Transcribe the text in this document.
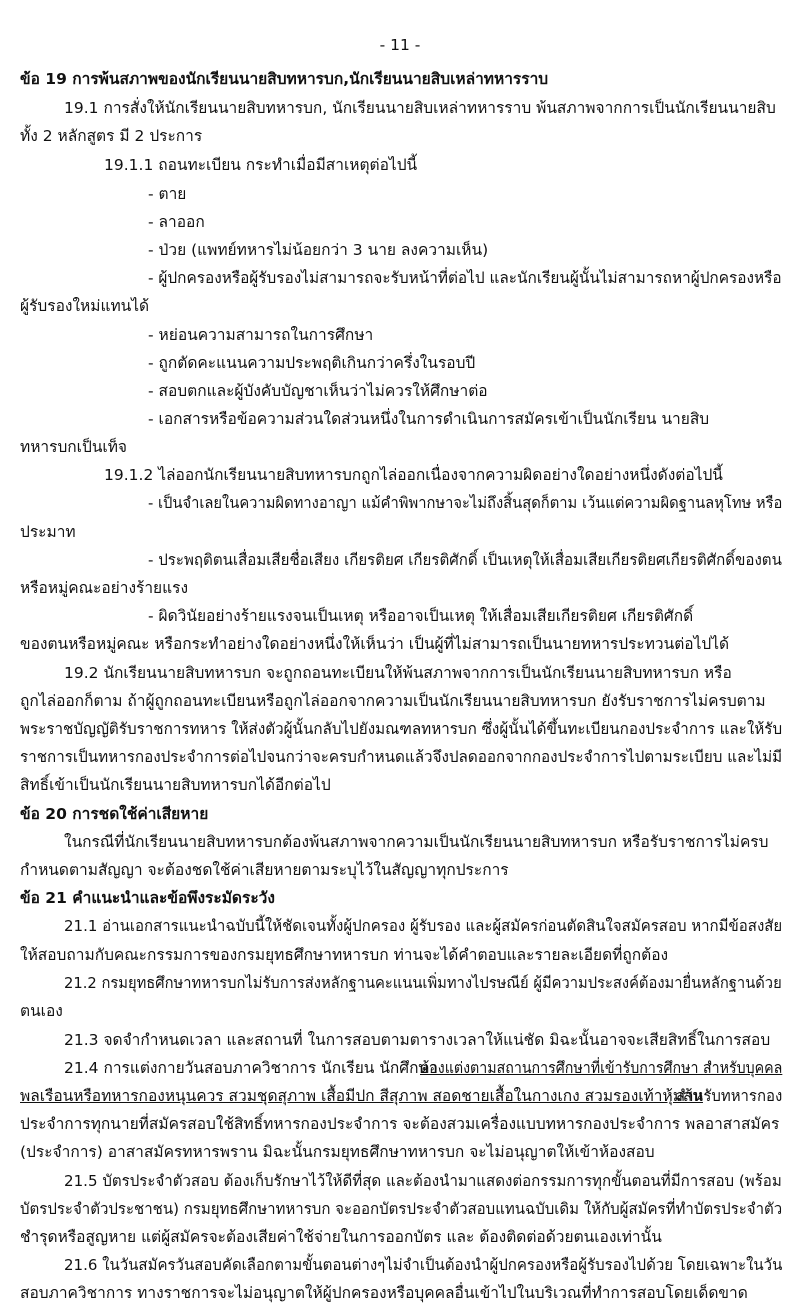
- 11 -
ข้อ 19 การพ้นสภาพของนักเรียนนายสิบทหารบก,นักเรียนนายสิบเหล่าทหารราบ
19.1 การสั่งให้นักเรียนนายสิบทหารบก, นักเรียนนายสิบเหล่าทหารราบ พ้นสภาพจากการเป็นนักเรียนนายสิบ
ทั้ง 2 หลักสูตร มี 2 ประการ
19.1.1 ถอนทะเบียน กระทำเมื่อมีสาเหตุต่อไปนี้
- ตาย
- ลาออก
- ป่วย (แพทย์ทหารไม่น้อยกว่า 3 นาย ลงความเห็น)
- ผู้ปกครองหรือผู้รับรองไม่สามารถจะรับหน้าที่ต่อไป และนักเรียนผู้นั้นไม่สามารถหาผู้ปกครองหรือ
ผู้รับรองใหม่แทนได้
- หย่อนความสามารถในการศึกษา
- ถูกตัดคะแนนความประพฤติเกินกว่าครึ่งในรอบปี
- สอบตกและผู้บังคับบัญชาเห็นว่าไม่ควรให้ศึกษาต่อ
- เอกสารหรือข้อความส่วนใดส่วนหนึ่งในการดำเนินการสมัครเข้าเป็นนักเรียน นายสิบ
ทหารบกเป็นเท็จ
19.1.2 ไล่ออกนักเรียนนายสิบทหารบกถูกไล่ออกเนื่องจากความผิดอย่างใดอย่างหนึ่งดังต่อไปนี้
- เป็นจำเลยในความผิดทางอาญา แม้คำพิพากษาจะไม่ถึงสิ้นสุดก็ตาม เว้นแต่ความผิดฐานลหุโทษ หรือ
ประมาท
- ประพฤติตนเสื่อมเสียชื่อเสียง เกียรติยศ เกียรติศักดิ์ เป็นเหตุให้เสื่อมเสียเกียรติยศเกียรติศักดิ์ของตน
หรือหมู่คณะอย่างร้ายแรง
- ผิดวินัยอย่างร้ายแรงจนเป็นเหตุ หรืออาจเป็นเหตุ ให้เสื่อมเสียเกียรติยศ เกียรติศักดิ์
ของตนหรือหมู่คณะ หรือกระทำอย่างใดอย่างหนึ่งให้เห็นว่า เป็นผู้ที่ไม่สามารถเป็นนายทหารประทวนต่อไปได้
19.2 นักเรียนนายสิบทหารบก จะถูกถอนทะเบียนให้พ้นสภาพจากการเป็นนักเรียนนายสิบทหารบก หรือ
ถูกไล่ออกก็ตาม ถ้าผู้ถูกถอนทะเบียนหรือถูกไล่ออกจากความเป็นนักเรียนนายสิบทหารบก ยังรับราชการไม่ครบตาม
พระราชบัญญัติรับราชการทหาร ให้ส่งตัวผู้นั้นกลับไปยังมณฑลทหารบก ซึ่งผู้นั้นได้ขึ้นทะเบียนกองประจำการ และให้รับ
ราชการเป็นทหารกองประจำการต่อไปจนกว่าจะครบกำหนดแล้วจึงปลดออกจากกองประจำการไปตามระเบียบ และไม่มี
สิทธิ์เข้าเป็นนักเรียนนายสิบทหารบกได้อีกต่อไป
ข้อ 20 การชดใช้ค่าเสียหาย
ในกรณีที่นักเรียนนายสิบทหารบกต้องพ้นสภาพจากความเป็นนักเรียนนายสิบทหารบก หรือรับราชการไม่ครบ
กำหนดตามสัญญา จะต้องชดใช้ค่าเสียหายตามระบุไว้ในสัญญาทุกประการ
ข้อ 21 คำแนะนำและข้อพึงระมัดระวัง
21.1 อ่านเอกสารแนะนำฉบับนี้ให้ชัดเจนทั้งผู้ปกครอง ผู้รับรอง และผู้สมัครก่อนตัดสินใจสมัครสอบ หากมีข้อสงสัย
ให้สอบถามกับคณะกรรมการของกรมยุทธศึกษาทหารบก ท่านจะได้คำตอบและรายละเอียดที่ถูกต้อง
21.2 กรมยุทธศึกษาทหารบกไม่รับการส่งหลักฐานคะแนนเพิ่มทางไปรษณีย์ ผู้มีความประสงค์ต้องมายื่นหลักฐานด้วย
ตนเอง
21.3 จดจำกำหนดเวลา และสถานที่ ในการสอบตามตารางเวลาให้แน่ชัด มิฉะนั้นอาจจะเสียสิทธิ์ในการสอบ
21.4 การแต่งกายวันสอบภาควิชาการ นักเรียน นักศึกษา
ต้องแต่งตามสถานการศึกษาที่เข้ารับการศึกษา สำหรับบุคคล
พลเรือนหรือทหารกองหนุนควร สวมชุดสุภาพ เสื้อมีปก สีสุภาพ สอดชายเสื้อในกางเกง สวมรองเท้าหุ้มส้น
สำหรับทหารกอง
ประจำการทุกนายที่สมัครสอบใช้สิทธิ์ทหารกองประจำการ จะต้องสวมเครื่องแบบทหารกองประจำการ พลอาสาสมัคร
(ประจำการ) อาสาสมัครทหารพราน มิฉะนั้นกรมยุทธศึกษาทหารบก จะไม่อนุญาตให้เข้าห้องสอบ
21.5 บัตรประจำตัวสอบ ต้องเก็บรักษาไว้ให้ดีที่สุด และต้องนำมาแสดงต่อกรรมการทุกขั้นตอนที่มีการสอบ (พร้อม
บัตรประจำตัวประชาชน) กรมยุทธศึกษาทหารบก จะออกบัตรประจำตัวสอบแทนฉบับเดิม ให้กับผู้สมัครที่ทำบัตรประจำตัว
ชำรุดหรือสูญหาย แต่ผู้สมัครจะต้องเสียค่าใช้จ่ายในการออกบัตร และ ต้องติดต่อด้วยตนเองเท่านั้น
21.6 ในวันสมัครวันสอบคัดเลือกตามขั้นตอนต่างๆไม่จำเป็นต้องนำผู้ปกครองหรือผู้รับรองไปด้วย โดยเฉพาะในวัน
สอบภาควิชาการ ทางราชการจะไม่อนุญาตให้ผู้ปกครองหรือบุคคลอื่นเข้าไปในบริเวณที่ทำการสอบโดยเด็ดขาด
